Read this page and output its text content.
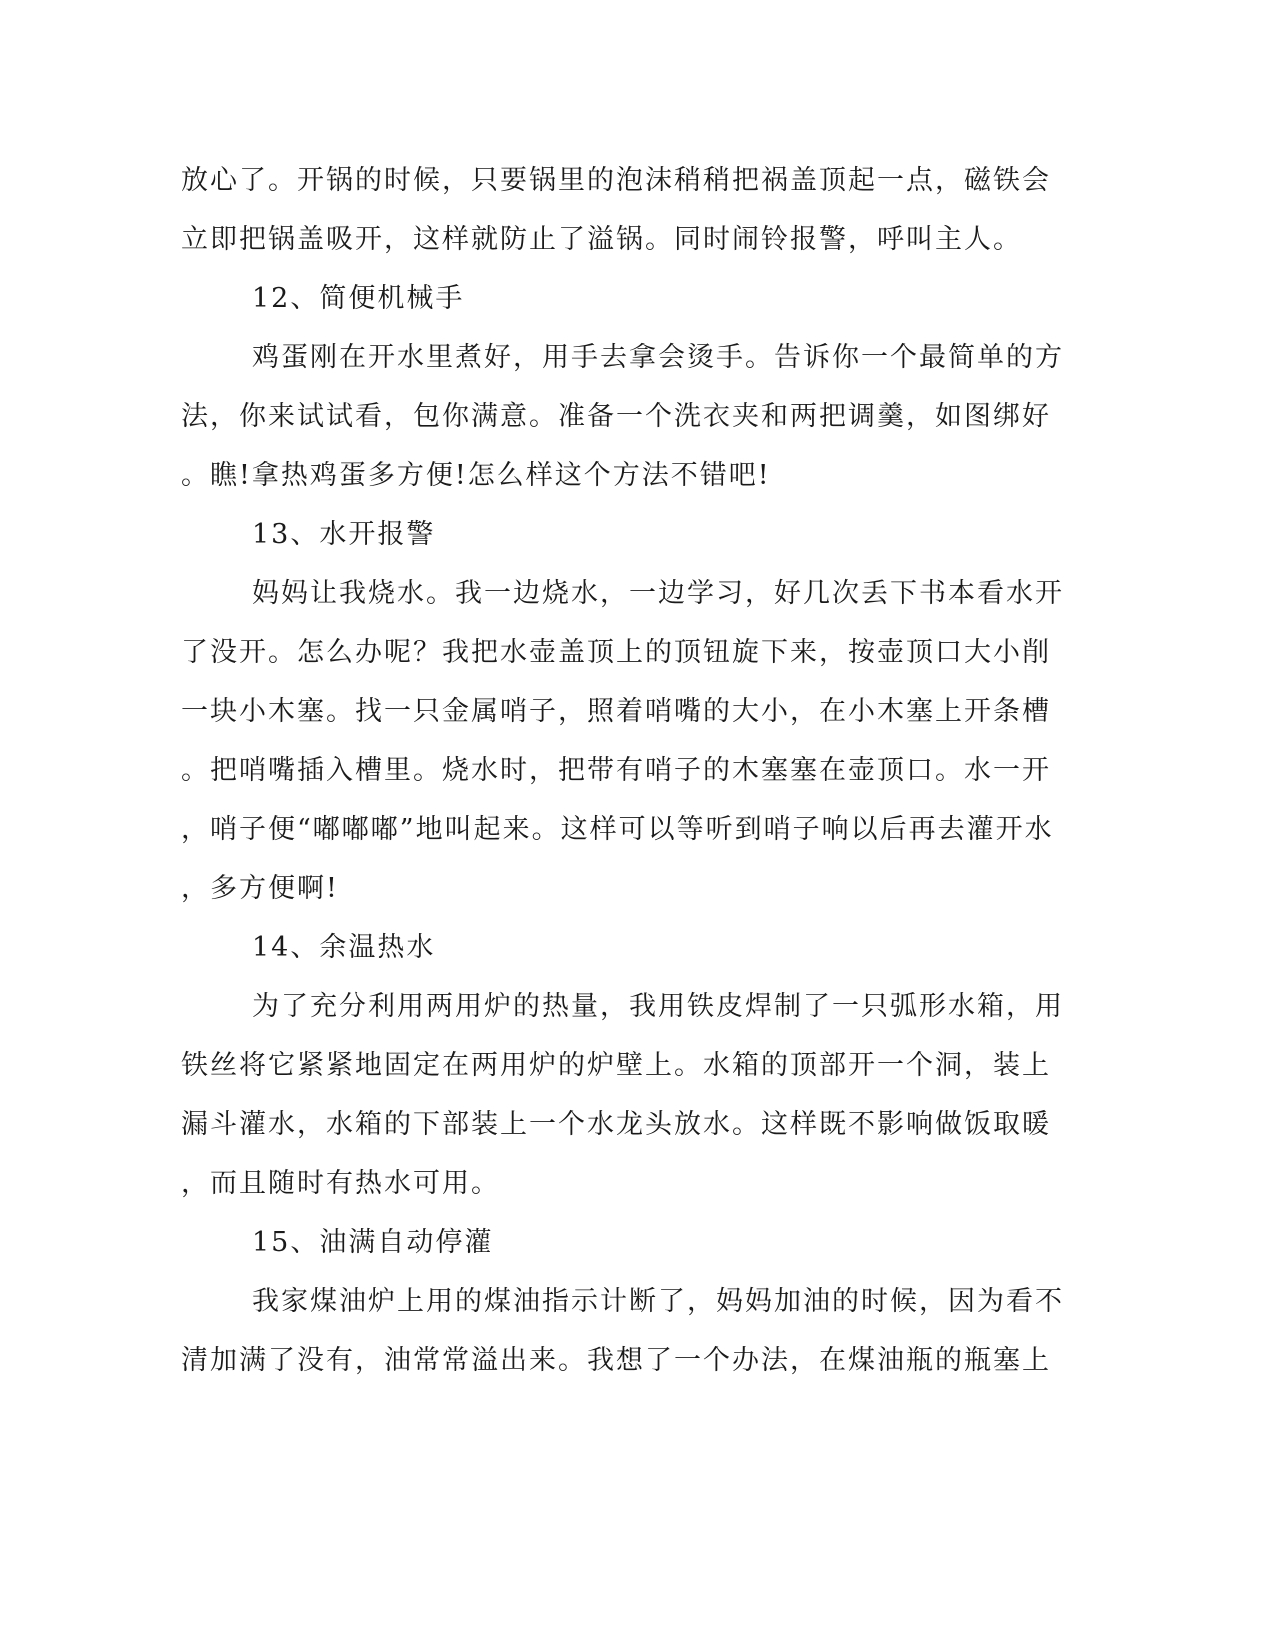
放心了。开锅的时候，只要锅里的泡沫稍稍把祸盖顶起一点，磁铁会
立即把锅盖吸开，这样就防止了溢锅。同时闹铃报警，呼叫主人。
12、简便机械手
鸡蛋刚在开水里煮好，用手去拿会烫手。告诉你一个最简单的方
法，你来试试看，包你满意。准备一个洗衣夹和两把调羹，如图绑好
。瞧!拿热鸡蛋多方便!怎么样这个方法不错吧!
13、水开报警
妈妈让我烧水。我一边烧水，一边学习，好几次丢下书本看水开
了没开。怎么办呢？我把水壶盖顶上的顶钮旋下来，按壶顶口大小削
一块小木塞。找一只金属哨子，照着哨嘴的大小，在小木塞上开条槽
。把哨嘴插入槽里。烧水时，把带有哨子的木塞塞在壶顶口。水一开
，哨子便“嘟嘟嘟”地叫起来。这样可以等听到哨子响以后再去灌开水
，多方便啊!
14、余温热水
为了充分利用两用炉的热量，我用铁皮焊制了一只弧形水箱，用
铁丝将它紧紧地固定在两用炉的炉壁上。水箱的顶部开一个洞，装上
漏斗灌水，水箱的下部装上一个水龙头放水。这样既不影响做饭取暖
，而且随时有热水可用。
15、油满自动停灌
我家煤油炉上用的煤油指示计断了，妈妈加油的时候，因为看不
清加满了没有，油常常溢出来。我想了一个办法，在煤油瓶的瓶塞上
